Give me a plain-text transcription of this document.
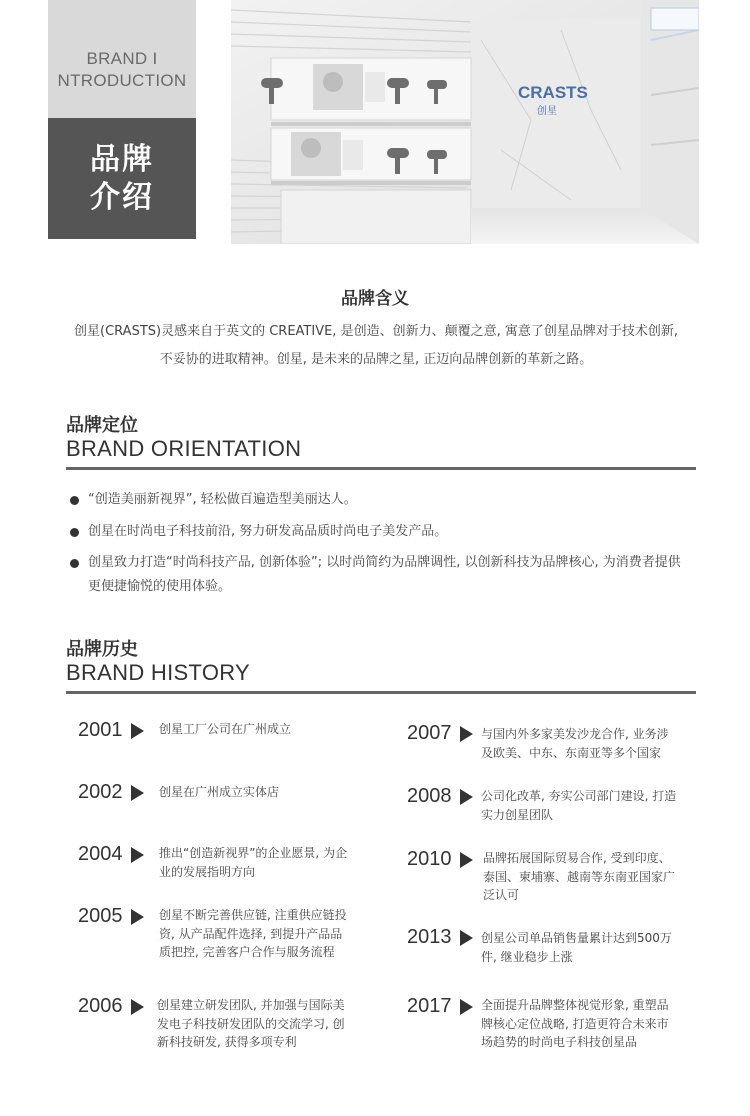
BRAND I
NTRODUCTION
品牌
介绍
CRASTS
创星
品牌含义
创星(CRASTS)灵感来自于英文的 CREATIVE, 是创造、创新力、颠覆之意, 寓意了创星品牌对于技术创新, 不妥协的进取精神。创星, 是未来的品牌之星, 正迈向品牌创新的革新之路。
品牌定位
BRAND ORIENTATION
“创造美丽新视界”, 轻松做百遍造型美丽达人。
创星在时尚电子科技前沿, 努力研发高品质时尚电子美发产品。
创星致力打造“时尚科技产品, 创新体验”; 以时尚简约为品牌调性, 以创新科技为品牌核心, 为消费者提供更便捷愉悦的使用体验。
品牌历史
BRAND HISTORY
2001	创星工厂公司在广州成立
2002	创星在广州成立实体店
2004	推出“创造新视界”的企业愿景, 为企业的发展指明方向
2005	创星不断完善供应链, 注重供应链投资, 从产品配件选择, 到提升产品品质把控, 完善客户合作与服务流程
2006	创星建立研发团队, 并加强与国际美发电子科技研发团队的交流学习, 创新科技研发, 获得多项专利
2007 与国内外多家美发沙龙合作, 业务涉及欧美、中东、东南亚等多个国家
2008 公司化改革, 夯实公司部门建设, 打造实力创星团队
2010	品牌拓展国际贸易合作, 受到印度、泰国、柬埔寨、越南等东南亚国家广泛认可
2013 创星公司单品销售量累计达到500万件, 继业稳步上涨
2017 全面提升品牌整体视觉形象, 重塑品牌核心定位战略, 打造更符合未来市场趋势的时尚电子科技创星品
